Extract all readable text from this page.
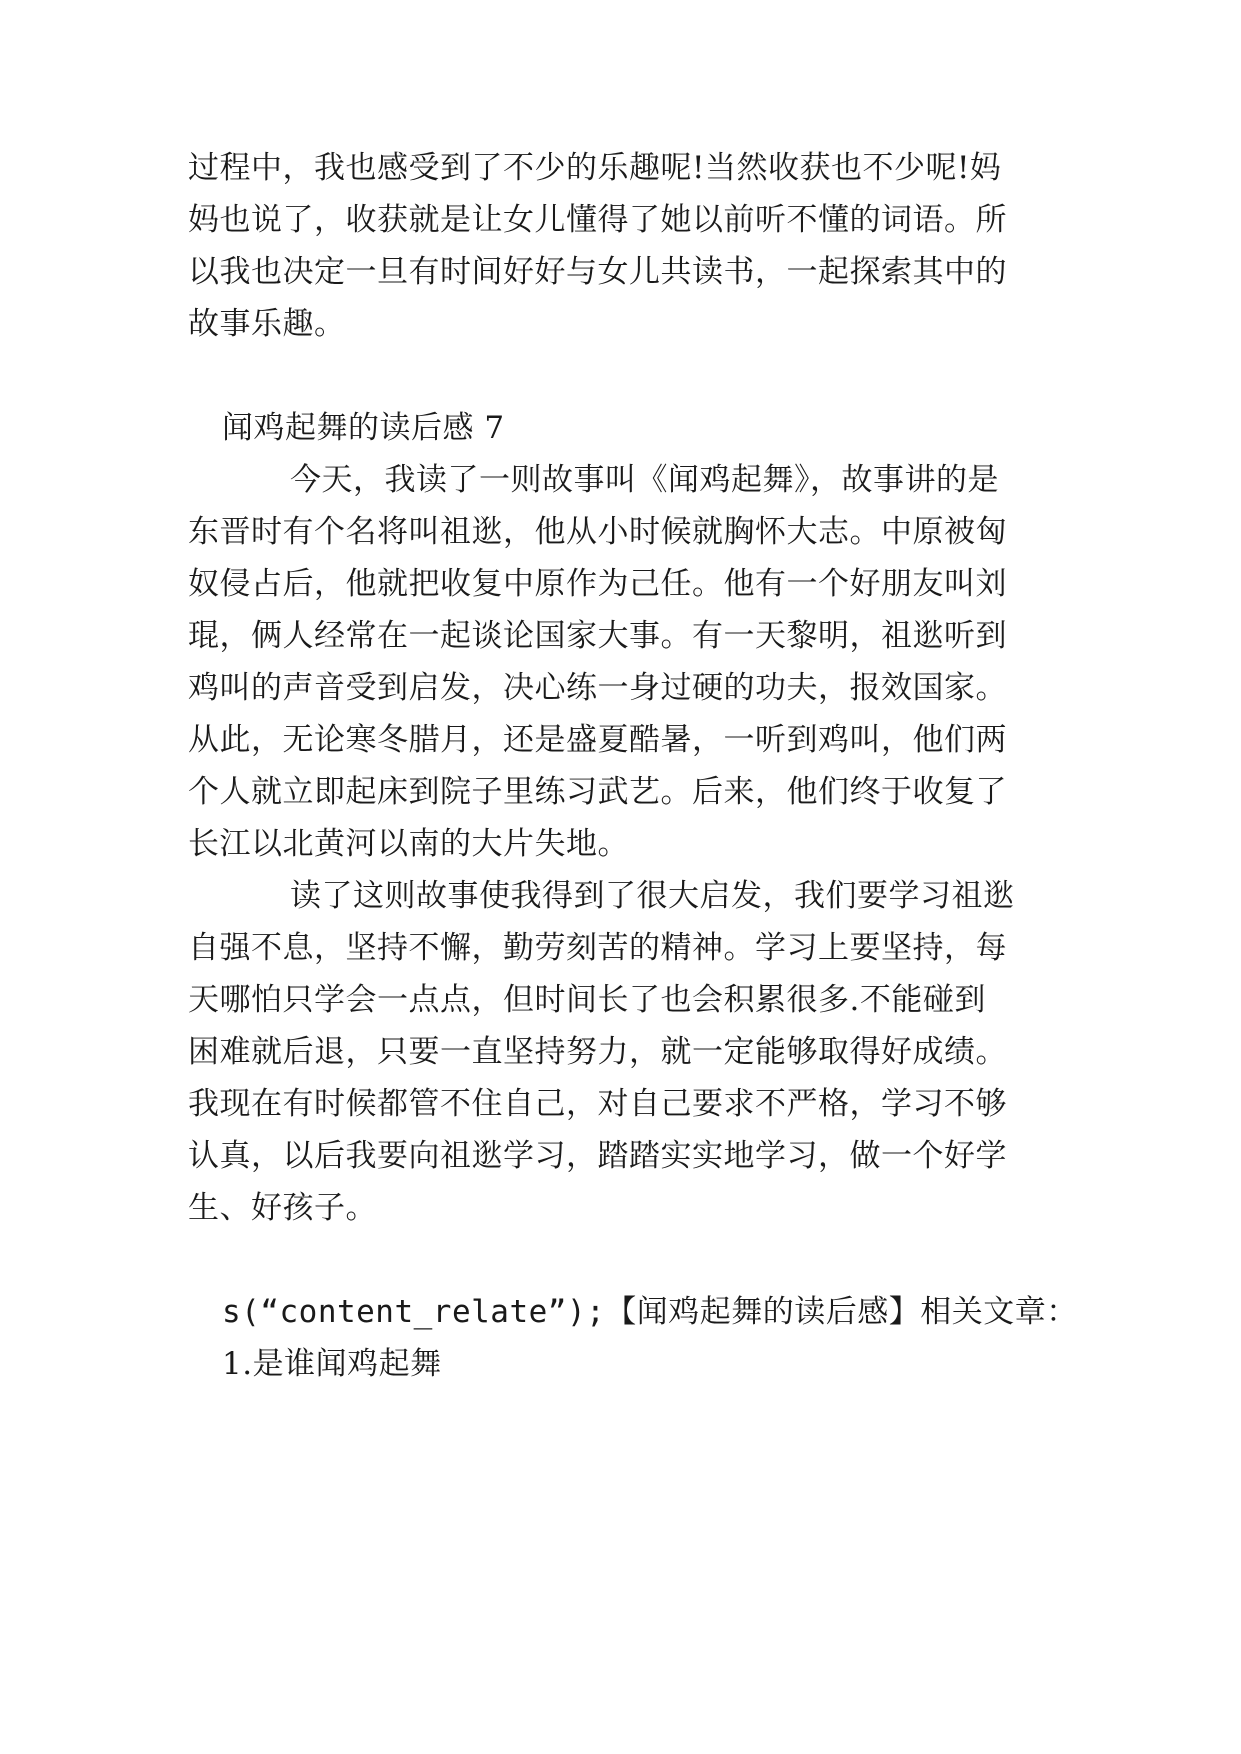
过程中，我也感受到了不少的乐趣呢!当然收获也不少呢!妈
妈也说了，收获就是让女儿懂得了她以前听不懂的词语。所
以我也决定一旦有时间好好与女儿共读书，一起探索其中的
故事乐趣。
闻鸡起舞的读后感 7
今天，我读了一则故事叫《闻鸡起舞》，故事讲的是
东晋时有个名将叫祖逖，他从小时候就胸怀大志。中原被匈
奴侵占后，他就把收复中原作为己任。他有一个好朋友叫刘
琨，俩人经常在一起谈论国家大事。有一天黎明，祖逖听到
鸡叫的声音受到启发，决心练一身过硬的功夫，报效国家。
从此，无论寒冬腊月，还是盛夏酷暑，一听到鸡叫，他们两
个人就立即起床到院子里练习武艺。后来，他们终于收复了
长江以北黄河以南的大片失地。
读了这则故事使我得到了很大启发，我们要学习祖逖
自强不息，坚持不懈，勤劳刻苦的精神。学习上要坚持，每
天哪怕只学会一点点，但时间长了也会积累很多.不能碰到
困难就后退，只要一直坚持努力，就一定能够取得好成绩。
我现在有时候都管不住自己，对自己要求不严格，学习不够
认真，以后我要向祖逖学习，踏踏实实地学习，做一个好学
生、好孩子。
s(“content_relate”);【闻鸡起舞的读后感】相关文章：
1.是谁闻鸡起舞
